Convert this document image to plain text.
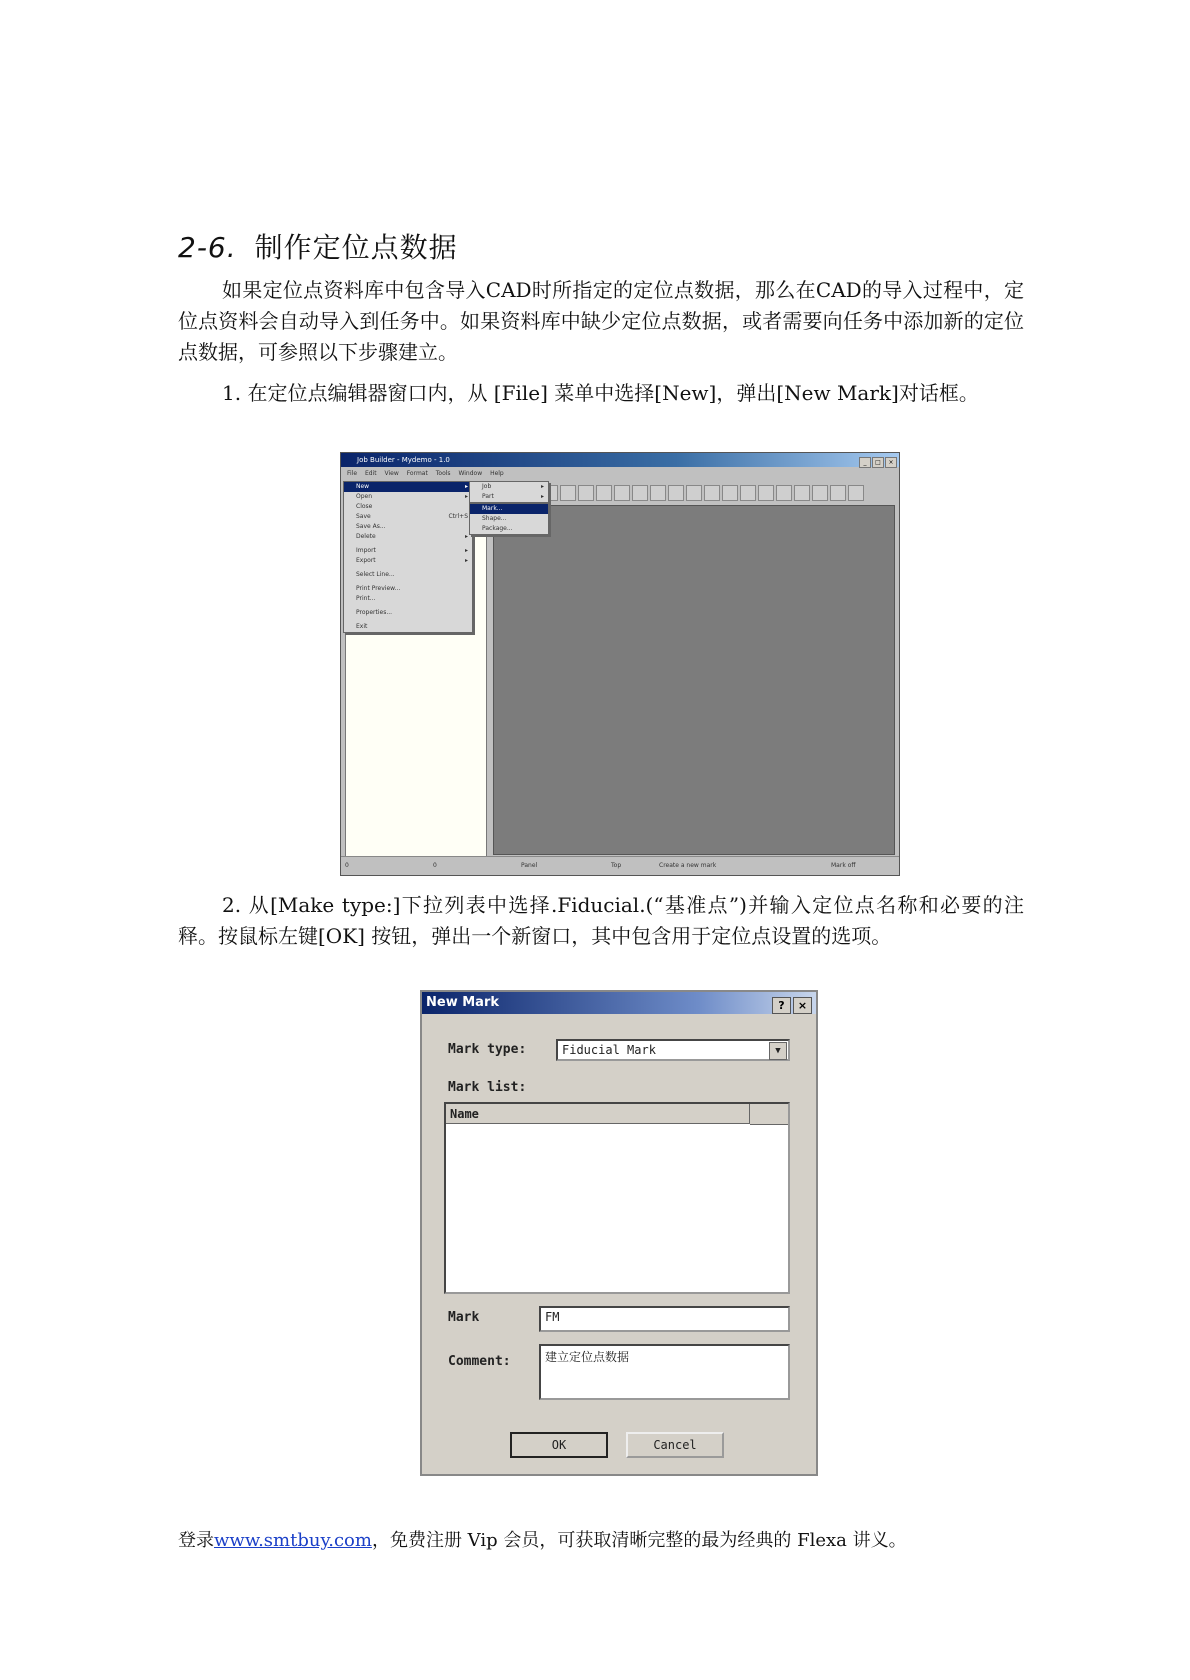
2-6. 制作定位点数据
如果定位点资料库中包含导入CAD时所指定的定位点数据，那么在CAD的导入过程中，定位点资料会自动导入到任务中。如果资料库中缺少定位点数据，或者需要向任务中添加新的定位点数据，可参照以下步骤建立。
1. 在定位点编辑器窗口内，从 [File] 菜单中选择[New]，弹出[New Mark]对话框。
Job Builder - Mydemo - 1.0	_ □ ×
File Edit View Format Tools Window Help
New	▸
Open	▸
Close
Save	Ctrl+S
Save As...
Delete	▸
Import	▸
Export	▸
Select Line...
Print Preview...
Print...
Properties...
Exit
Job	▸
Part	▸
Mark...
Shape...
Package...
0	0	Panel	Top	Create a new mark	Mark off
2. 从[Make type:]下拉列表中选择.Fiducial.(“基准点”)并输入定位点名称和必要的注释。按鼠标左键[OK] 按钮，弹出一个新窗口，其中包含用于定位点设置的选项。
New Mark	? ×
Mark type:	Fiducial Mark	▼
Mark list:
Name
Mark	FM
Comment:	建立定位点数据
OK	Cancel
登录www.smtbuy.com，免费注册 Vip 会员，可获取清晰完整的最为经典的 Flexa 讲义。
